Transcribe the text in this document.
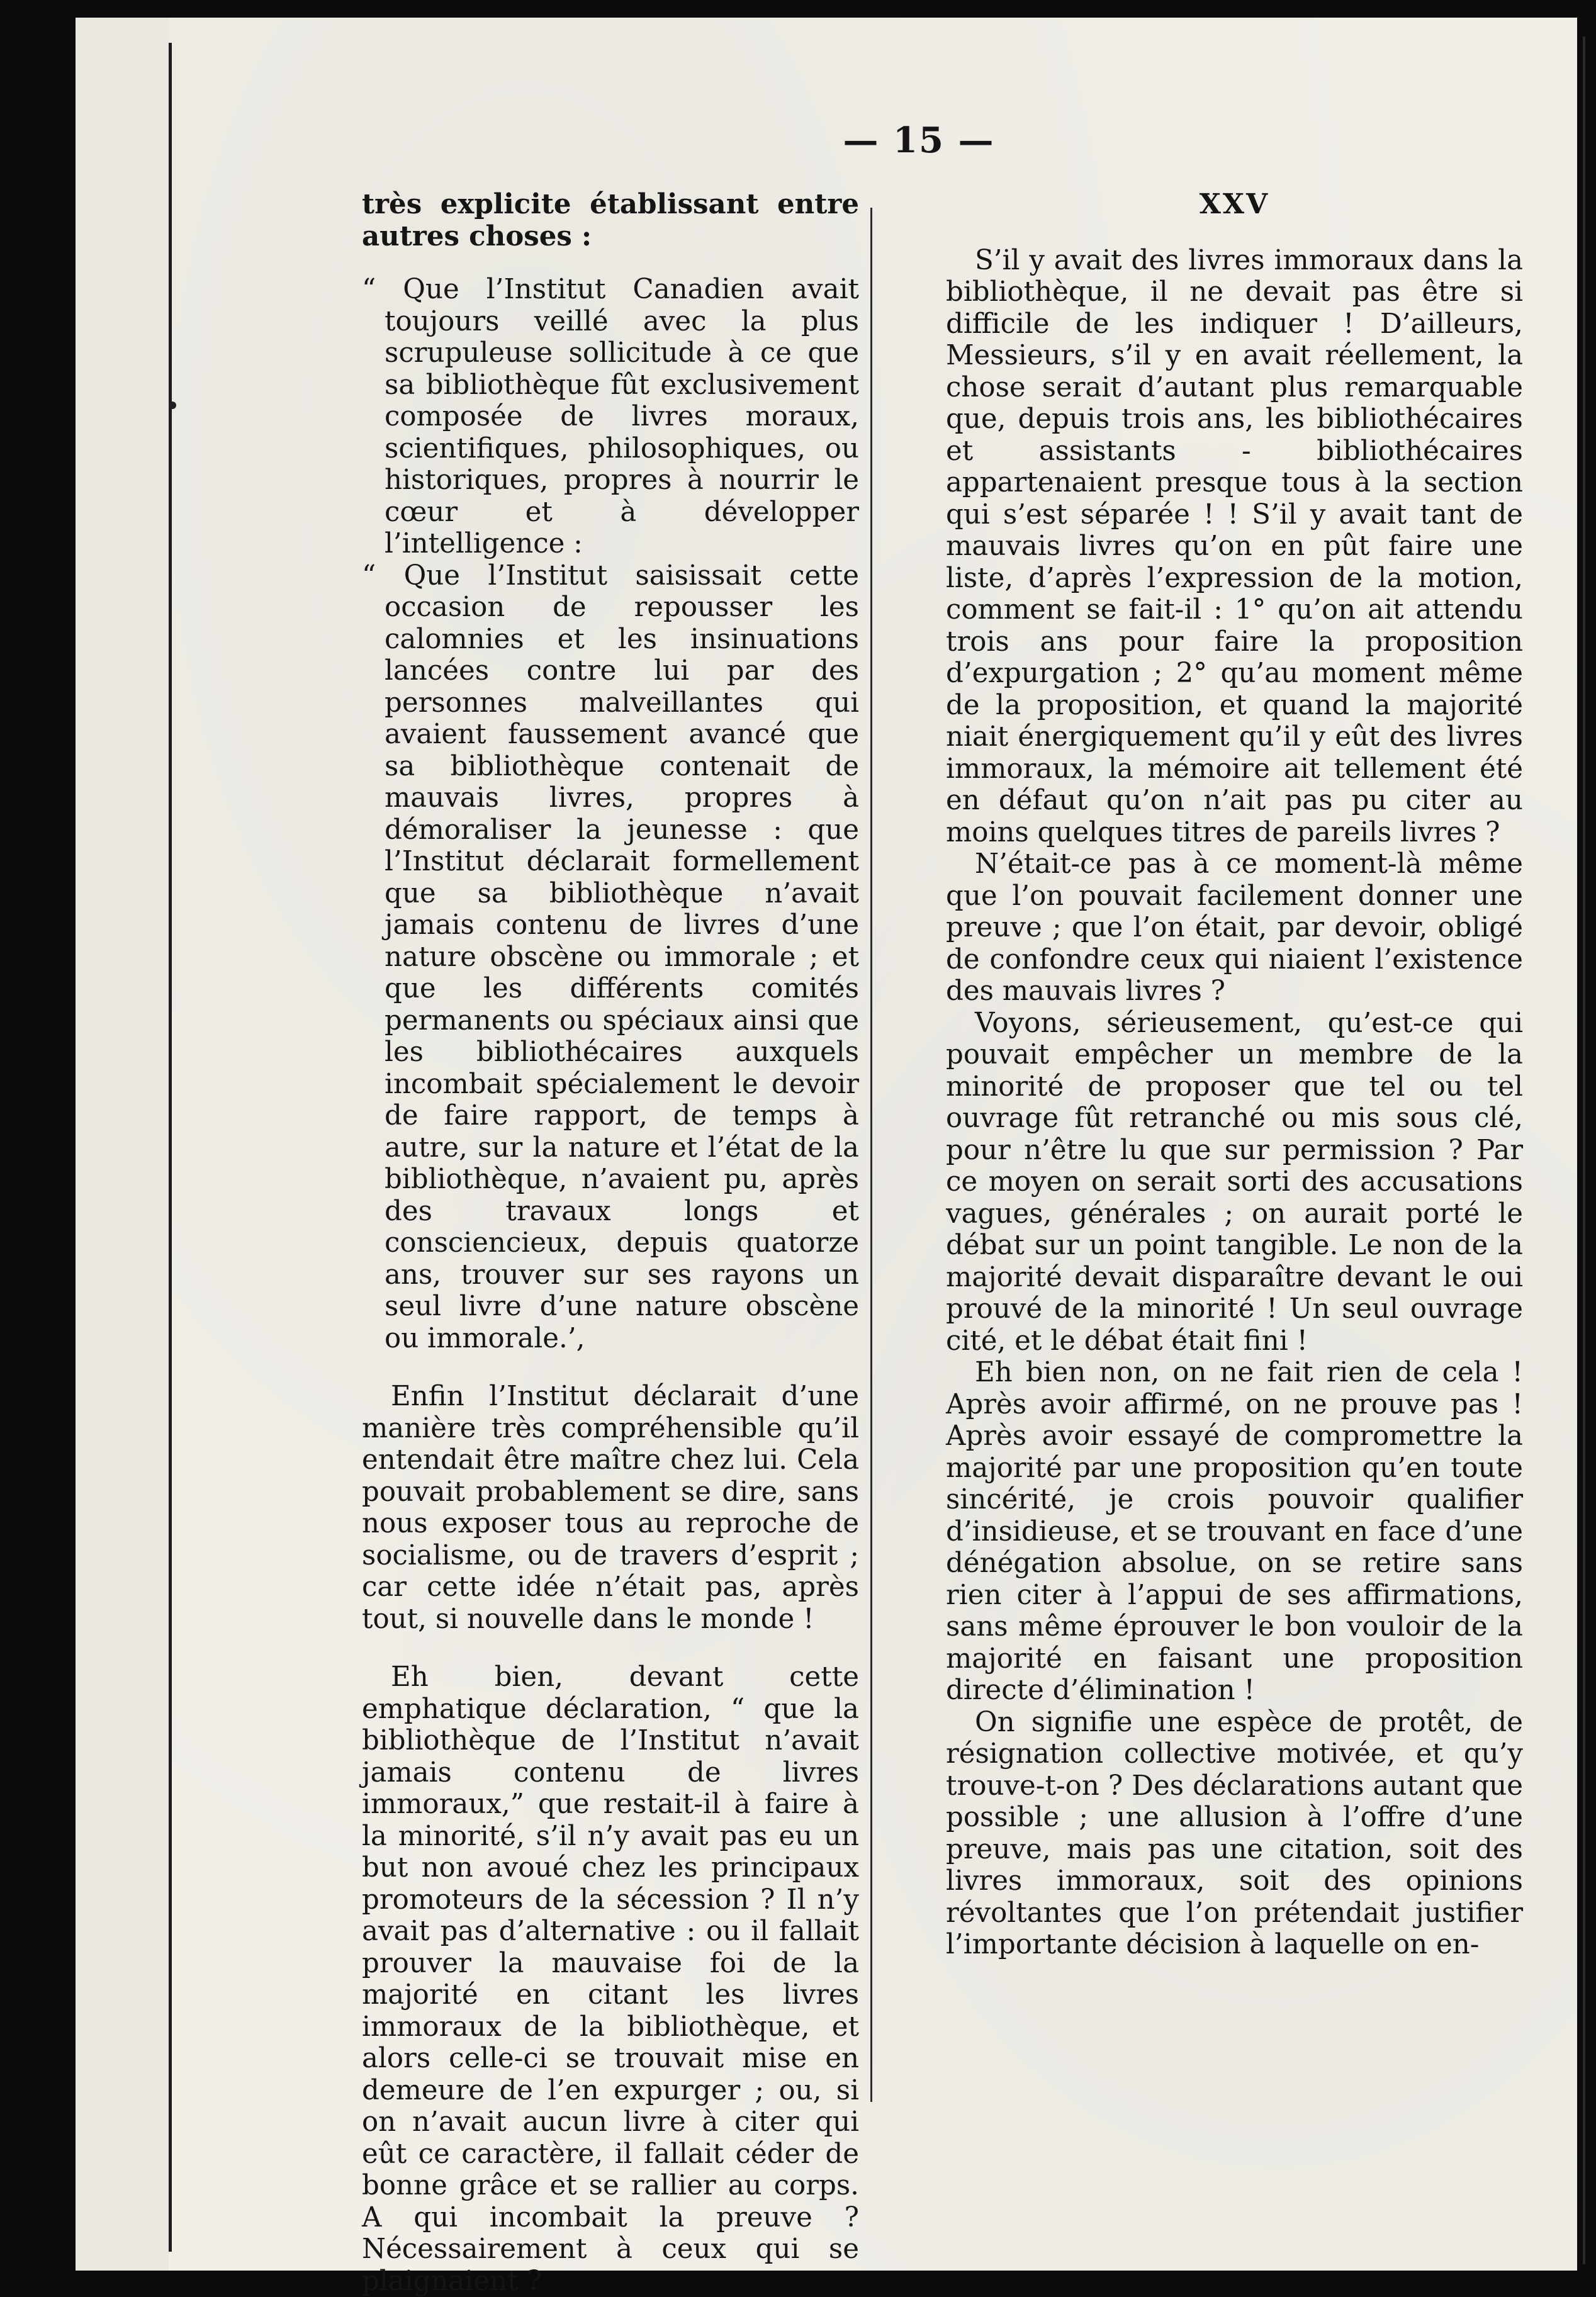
— 15 —

très explicite établissant entre autres choses :

“ Que l’Institut Canadien avait toujours veillé avec la plus scrupuleuse sollicitude à ce que sa bibliothèque fût exclusivement composée de livres moraux, scientifiques, philosophiques, ou historiques, propres à nourrir le cœur et à développer l’intelligence :

“ Que l’Institut saisissait cette occasion de repousser les calomnies et les insinuations lancées contre lui par des personnes malveillantes qui avaient faussement avancé que sa bibliothèque contenait de mauvais livres, propres à démoraliser la jeunesse : que l’Institut déclarait formellement que sa bibliothèque n’avait jamais contenu de livres d’une nature obscène ou immorale ; et que les différents comités permanents ou spéciaux ainsi que les bibliothécaires auxquels incombait spécialement le devoir de faire rapport, de temps à autre, sur la nature et l’état de la bibliothèque, n’avaient pu, après des travaux longs et consciencieux, depuis quatorze ans, trouver sur ses rayons un seul livre d’une nature obscène ou immorale.’,

Enfin l’Institut déclarait d’une manière très compréhensible qu’il entendait être maître chez lui. Cela pouvait probablement se dire, sans nous exposer tous au reproche de socialisme, ou de travers d’esprit ; car cette idée n’était pas, après tout, si nouvelle dans le monde !

Eh bien, devant cette emphatique déclaration, “ que la bibliothèque de l’Institut n’avait jamais contenu de livres immoraux,” que restait-il à faire à la minorité, s’il n’y avait pas eu un but non avoué chez les principaux promoteurs de la sécession ? Il n’y avait pas d’alternative : ou il fallait prouver la mauvaise foi de la majorité en citant les livres immoraux de la bibliothèque, et alors celle-ci se trouvait mise en demeure de l’en expurger ; ou, si on n’avait aucun livre à citer qui eût ce caractère, il fallait céder de bonne grâce et se rallier au corps. A qui incombait la preuve ? Nécessairement à ceux qui se plaignaient ?

XXV

S’il y avait des livres immoraux dans la bibliothèque, il ne devait pas être si difficile de les indiquer ! D’ailleurs, Messieurs, s’il y en avait réellement, la chose serait d’autant plus remarquable que, depuis trois ans, les bibliothécaires et assistants - bibliothécaires appartenaient presque tous à la section qui s’est séparée ! ! S’il y avait tant de mauvais livres qu’on en pût faire une liste, d’après l’expression de la motion, comment se fait-il : 1° qu’on ait attendu trois ans pour faire la proposition d’expurgation ; 2° qu’au moment même de la proposition, et quand la majorité niait énergiquement qu’il y eût des livres immoraux, la mémoire ait tellement été en défaut qu’on n’ait pas pu citer au moins quelques titres de pareils livres ?

N’était-ce pas à ce moment-là même que l’on pouvait facilement donner une preuve ; que l’on était, par devoir, obligé de confondre ceux qui niaient l’existence des mauvais livres ?

Voyons, sérieusement, qu’est-ce qui pouvait empêcher un membre de la minorité de proposer que tel ou tel ouvrage fût retranché ou mis sous clé, pour n’être lu que sur permission ? Par ce moyen on serait sorti des accusations vagues, générales ; on aurait porté le débat sur un point tangible. Le non de la majorité devait disparaître devant le oui prouvé de la minorité ! Un seul ouvrage cité, et le débat était fini !

Eh bien non, on ne fait rien de cela ! Après avoir affirmé, on ne prouve pas ! Après avoir essayé de compromettre la majorité par une proposition qu’en toute sincérité, je crois pouvoir qualifier d’insidieuse, et se trouvant en face d’une dénégation absolue, on se retire sans rien citer à l’appui de ses affirmations, sans même éprouver le bon vouloir de la majorité en faisant une proposition directe d’élimination !

On signifie une espèce de protêt, de résignation collective motivée, et qu’y trouve-t-on ? Des déclarations autant que possible ; une allusion à l’offre d’une preuve, mais pas une citation, soit des livres immoraux, soit des opinions révoltantes que l’on prétendait justifier l’importante décision à laquelle on en-
